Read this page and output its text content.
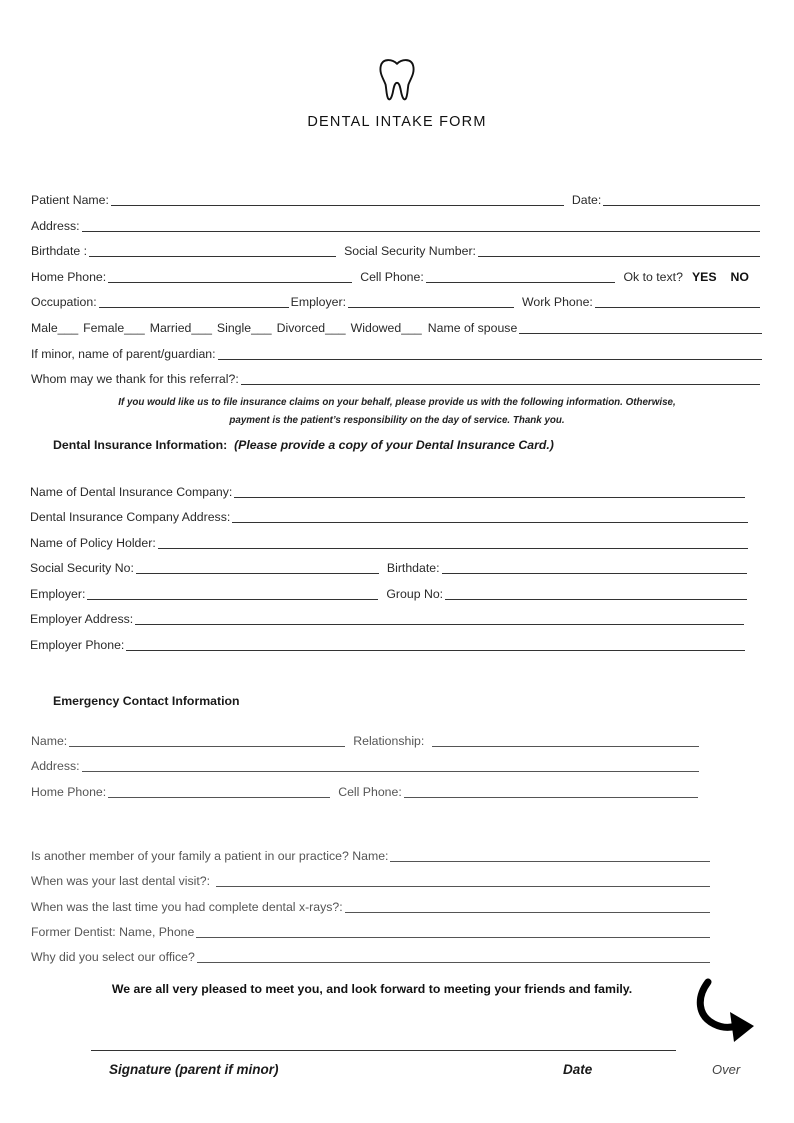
DENTAL INTAKE FORM
Patient Name:	Date:
Address:
Birthdate :	Social Security Number:
Home Phone:	Cell Phone:	Ok to text? YES NO
Occupation:	Employer:	Work Phone:
Male___ Female___ Married___ Single___ Divorced___ Widowed___ Name of spouse
If minor, name of parent/guardian:
Whom may we thank for this referral?:
If you would like us to file insurance claims on your behalf, please provide us with the following information. Otherwise,
payment is the patient’s responsibility on the day of service. Thank you.
Dental Insurance Information: (Please provide a copy of your Dental Insurance Card.)
Name of Dental Insurance Company:
Dental Insurance Company Address:
Name of Policy Holder:
Social Security No:	Birthdate:
Employer:	Group No:
Employer Address:
Employer Phone:
Emergency Contact Information
Name:	Relationship:
Address:
Home Phone:	Cell Phone:
Is another member of your family a patient in our practice? Name:
When was your last dental visit?:
When was the last time you had complete dental x-rays?:
Former Dentist: Name, Phone
Why did you select our office?
We are all very pleased to meet you, and look forward to meeting your friends and family.
Signature (parent if minor)	Date	Over
